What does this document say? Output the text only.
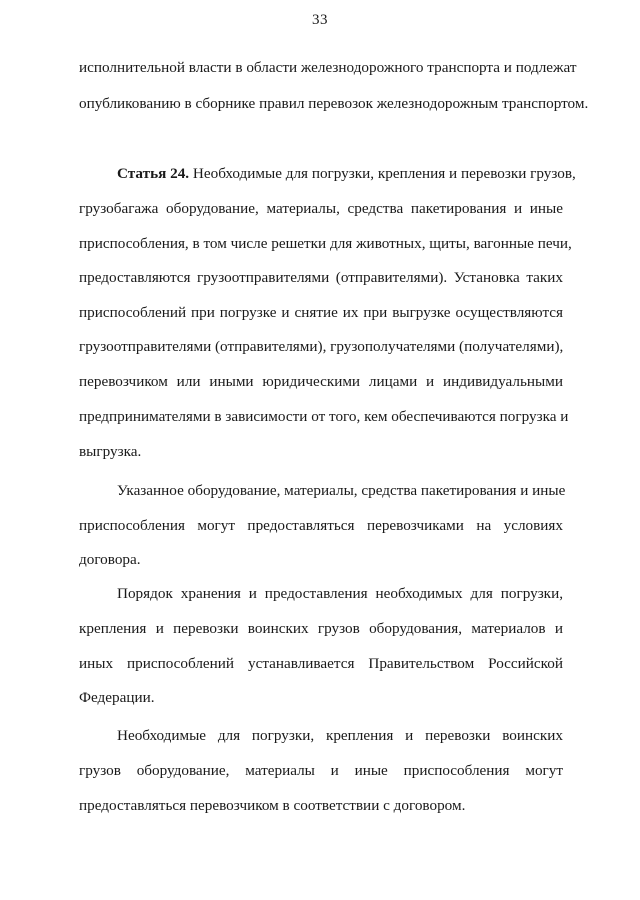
33
исполнительной власти в области железнодорожного транспорта и подлежат
опубликованию в сборнике правил перевозок железнодорожным транспортом.
Статья 24. Необходимые для погрузки, крепления и перевозки грузов,
грузобагажа оборудование, материалы, средства пакетирования и иные
приспособления, в том числе решетки для животных, щиты, вагонные печи,
предоставляются грузоотправителями (отправителями). Установка таких
приспособлений при погрузке и снятие их при выгрузке осуществляются
грузоотправителями (отправителями), грузополучателями (получателями),
перевозчиком или иными юридическими лицами и индивидуальными
предпринимателями в зависимости от того, кем обеспечиваются погрузка и
выгрузка.
Указанное оборудование, материалы, средства пакетирования и иные
приспособления могут предоставляться перевозчиками на условиях
договора.
Порядок хранения и предоставления необходимых для погрузки,
крепления и перевозки воинских грузов оборудования, материалов и
иных приспособлений устанавливается Правительством Российской
Федерации.
Необходимые для погрузки, крепления и перевозки воинских
грузов оборудование, материалы и иные приспособления могут
предоставляться перевозчиком в соответствии с договором.
